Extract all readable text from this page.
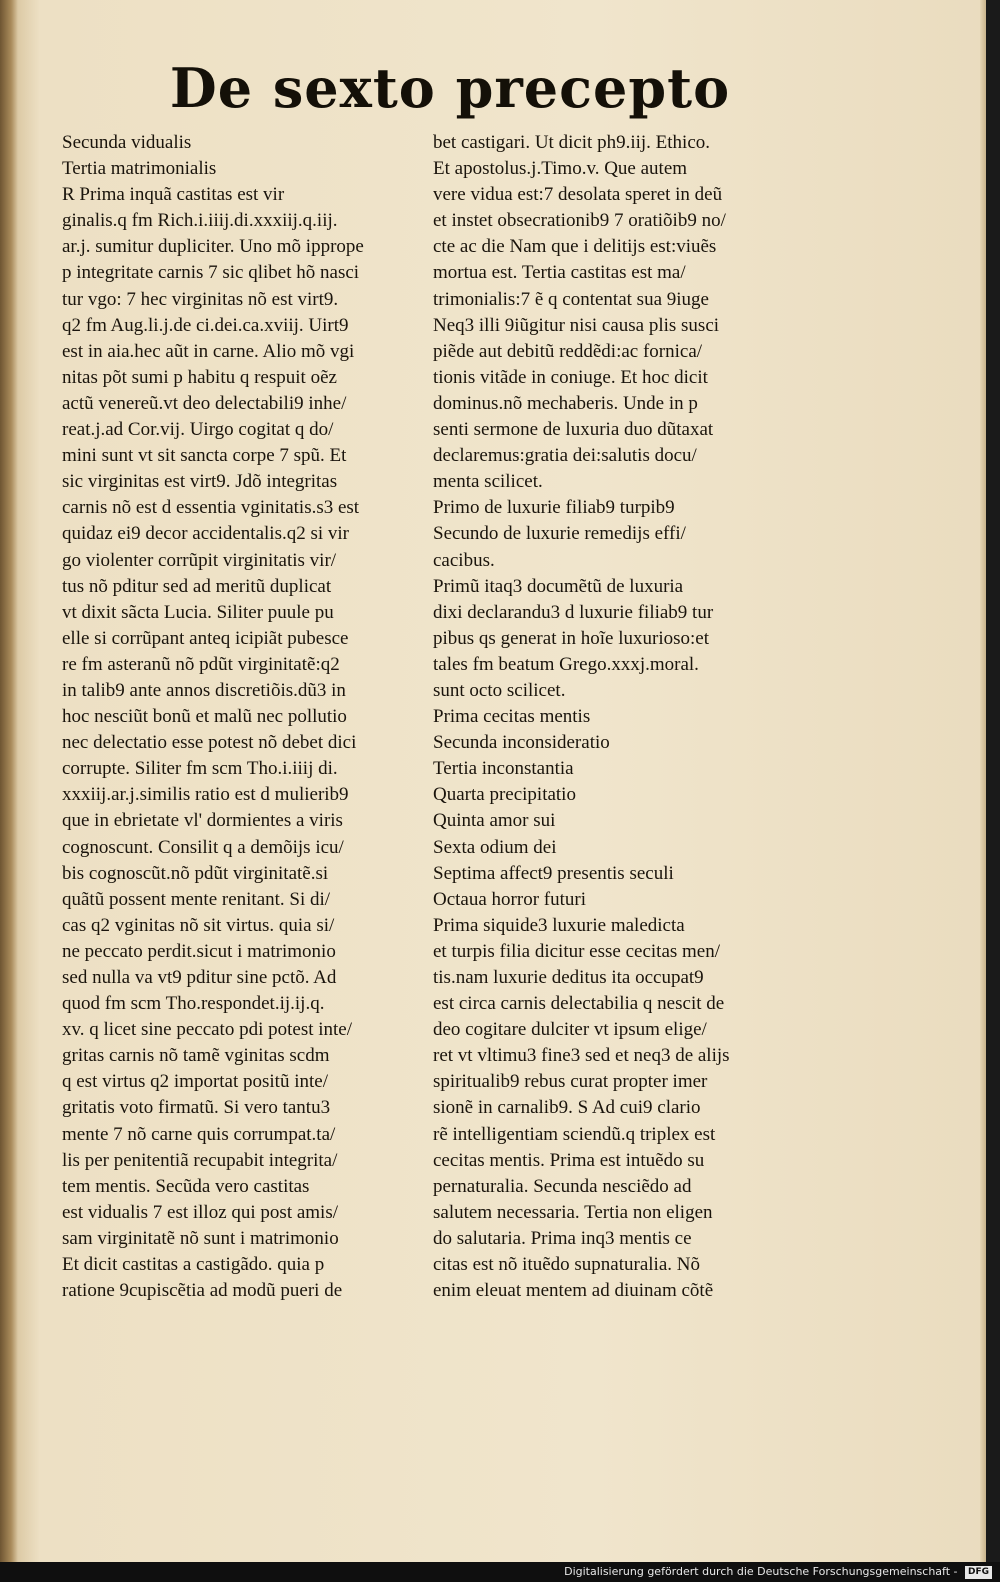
De sexto precepto
Secunda vidualis
Tertia matrimonialis
R Prima inquã castitas est vir
ginalis.q fm Rich.i.iiij.di.xxxiij.q.iij.
ar.j. sumitur dupliciter. Uno mõ ipprope
p integritate carnis 7 sic qlibet hõ nasci
tur vgo: 7 hec virginitas nõ est virt9.
q2 fm Aug.li.j.de ci.dei.ca.xviij. Uirt9
est in aia.hec aũt in carne. Alio mõ vgi
nitas põt sumi p habitu q respuit oẽz
actũ venereũ.vt deo delectabili9 inhe/
reat.j.ad Cor.vij. Uirgo cogitat q do/
mini sunt vt sit sancta corpe 7 spũ. Et
sic virginitas est virt9. Jdõ integritas
carnis nõ est d essentia vginitatis.s3 est
quidaz ei9 decor accidentalis.q2 si vir
go violenter corrũpit virginitatis vir/
tus nõ pditur sed ad meritũ duplicat
vt dixit sãcta Lucia. Siliter puule pu
elle si corrũpant anteq icipiãt pubesce
re fm asteranũ nõ pdũt virginitatẽ:q2
in talib9 ante annos discretiõis.dũ3 in
hoc nesciũt bonũ et malũ nec pollutio
nec delectatio esse potest nõ debet dici
corrupte. Siliter fm scm Tho.i.iiij di.
xxxiij.ar.j.similis ratio est d mulierib9
que in ebrietate vl' dormientes a viris
cognoscunt. Consilit q a demõijs icu/
bis cognoscũt.nõ pdũt virginitatẽ.si
quãtũ possent mente renitant. Si di/
cas q2 vginitas nõ sit virtus. quia si/
ne peccato perdit.sicut i matrimonio
sed nulla va vt9 pditur sine pctõ. Ad
quod fm scm Tho.respondet.ij.ij.q.
xv. q licet sine peccato pdi potest inte/
gritas carnis nõ tamẽ vginitas scdm
q est virtus q2 importat positũ inte/
gritatis voto firmatũ. Si vero tantu3
mente 7 nõ carne quis corrumpat.ta/
lis per penitentiã recupabit integrita/
tem mentis. Secũda vero castitas
est vidualis 7 est illoz qui post amis/
sam virginitatẽ nõ sunt i matrimonio
Et dicit castitas a castigãdo. quia p
ratione 9cupiscẽtia ad modũ pueri de
bet castigari. Ut dicit ph9.iij. Ethico.
Et apostolus.j.Timo.v. Que autem
vere vidua est:7 desolata speret in deũ
et instet obsecrationib9 7 oratiõib9 no/
cte ac die Nam que i delitijs est:viuẽs
mortua est. Tertia castitas est ma/
trimonialis:7 ẽ q contentat sua 9iuge
Neq3 illi 9iũgitur nisi causa plis susci
piẽde aut debitũ reddẽdi:ac fornica/
tionis vitãde in coniuge. Et hoc dicit
dominus.nõ mechaberis. Unde in p
senti sermone de luxuria duo dũtaxat
declaremus:gratia dei:salutis docu/
menta scilicet.
Primo de luxurie filiab9 turpib9
Secundo de luxurie remedijs effi/
cacibus.
Primũ itaq3 documẽtũ de luxuria
dixi declarandu3 d luxurie filiab9 tur
pibus qs generat in hoĩe luxurioso:et
tales fm beatum Grego.xxxj.moral.
sunt octo scilicet.
Prima cecitas mentis
Secunda inconsideratio
Tertia inconstantia
Quarta precipitatio
Quinta amor sui
Sexta odium dei
Septima affect9 presentis seculi
Octaua horror futuri
Prima siquide3 luxurie maledicta
et turpis filia dicitur esse cecitas men/
tis.nam luxurie deditus ita occupat9
est circa carnis delectabilia q nescit de
deo cogitare dulciter vt ipsum elige/
ret vt vltimu3 fine3 sed et neq3 de alijs
spiritualib9 rebus curat propter imer
sionẽ in carnalib9. S Ad cui9 clario
rẽ intelligentiam sciendũ.q triplex est
cecitas mentis. Prima est intuẽdo su
pernaturalia. Secunda nesciẽdo ad
salutem necessaria. Tertia non eligen
do salutaria. Prima inq3 mentis ce
citas est nõ ituẽdo supnaturalia. Nõ
enim eleuat mentem ad diuinam cõtẽ
Digitalisierung gefördert durch die Deutsche Forschungsgemeinschaft - DFG
